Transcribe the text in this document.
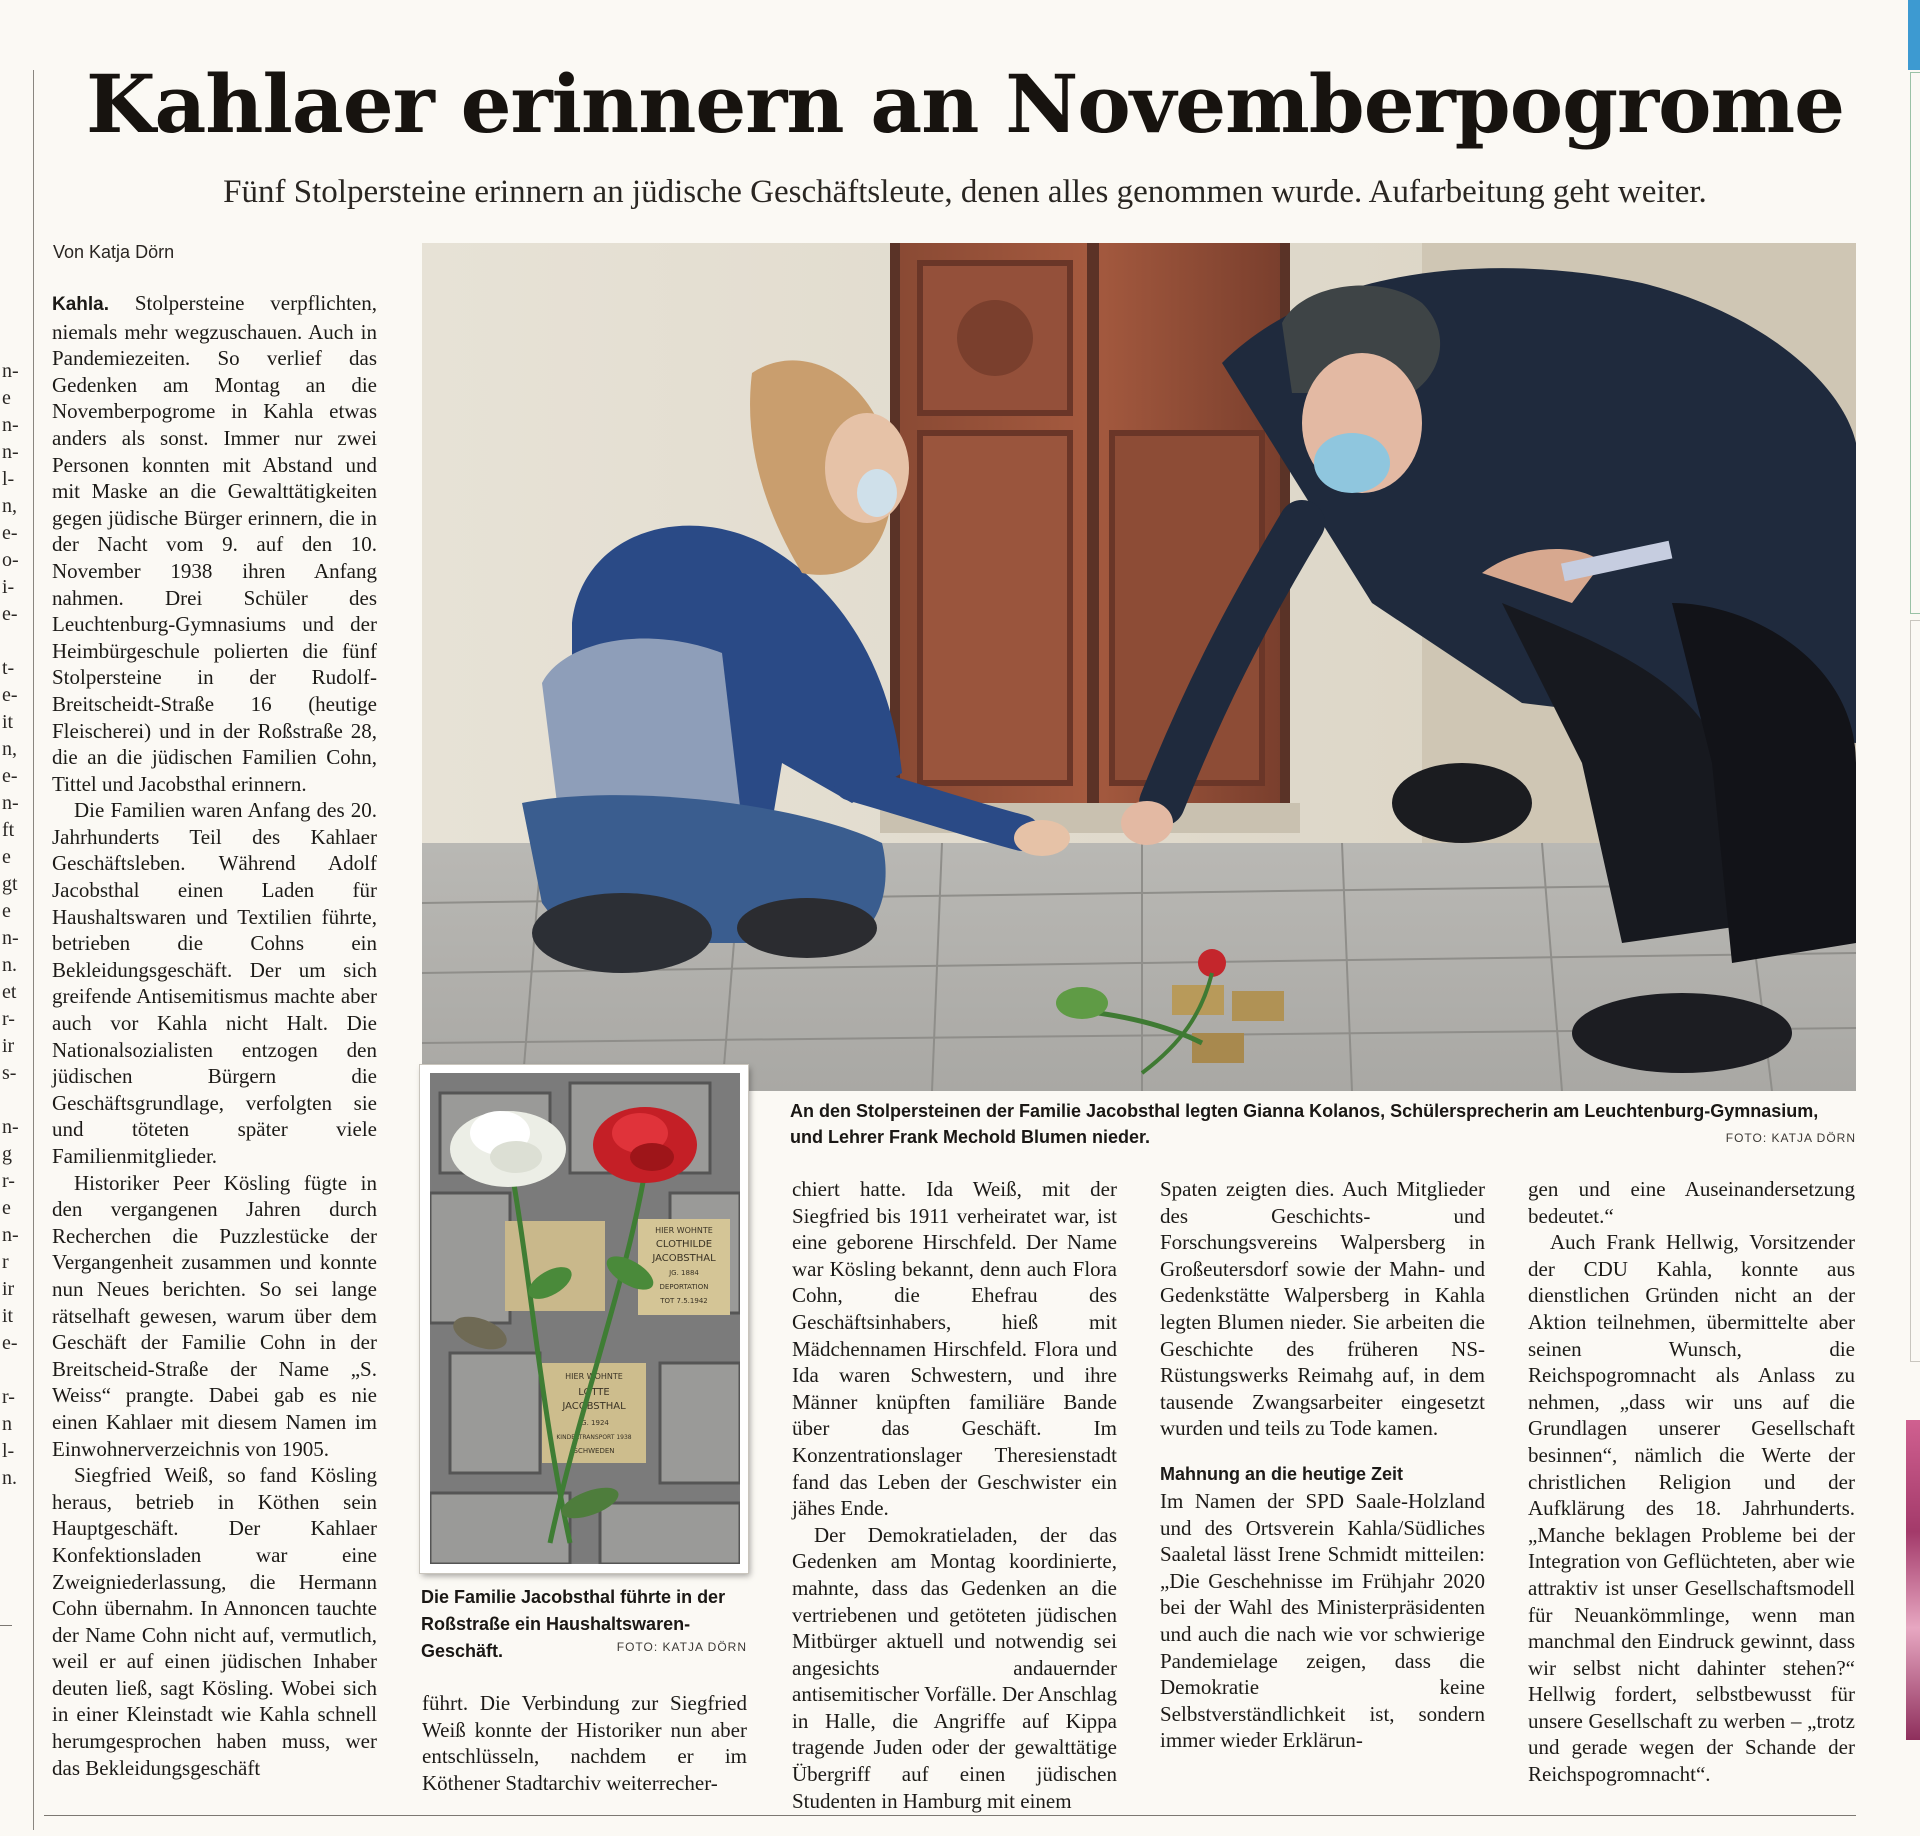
n-
e
n-
n-
l-
n,
e-
o-
i-
e-
t-
e-
it
n,
e-
n-
ft
e
gt
e
n-
n.
et
r-
ir
s-
n-
g
r-
e
n-
r
ir
it
e-
r-
n
l-
n.
Kahlaer erinnern an Novemberpogrome
Fünf Stolpersteine erinnern an jüdische Geschäftsleute, denen alles genommen wurde. Aufarbeitung geht weiter.
Von Katja Dörn

Kahla. Stolpersteine verpflichten, niemals mehr wegzuschauen. Auch in Pandemiezeiten. So verlief das Gedenken am Montag an die Novemberpogrome in Kahla etwas anders als sonst. Immer nur zwei Personen konnten mit Abstand und mit Maske an die Gewalttätigkeiten gegen jüdische Bürger erinnern, die in der Nacht vom 9. auf den 10. November 1938 ihren Anfang nahmen. Drei Schüler des Leuchtenburg-Gymnasiums und der Heimbürgeschule polierten die fünf Stolpersteine in der Rudolf-Breitscheidt-Straße 16 (heutige Fleischerei) und in der Roßstraße 28, die an die jüdischen Familien Cohn, Tittel und Jacobsthal erinnern.

Die Familien waren Anfang des 20. Jahrhunderts Teil des Kahlaer Geschäftsleben. Während Adolf Jacobsthal einen Laden für Haushaltswaren und Textilien führte, betrieben die Cohns ein Bekleidungsgeschäft. Der um sich greifende Antisemitismus machte aber auch vor Kahla nicht Halt. Die Nationalsozialisten entzogen den jüdischen Bürgern die Geschäftsgrundlage, verfolgten sie und töteten später viele Familienmitglieder.

Historiker Peer Kösling fügte in den vergangenen Jahren durch Recherchen die Puzzlestücke der Vergangenheit zusammen und konnte nun Neues berichten. So sei lange rätselhaft gewesen, warum über dem Geschäft der Familie Cohn in der Breitscheid-Straße der Name „S. Weiss“ prangte. Dabei gab es nie einen Kahlaer mit diesem Namen im Einwohnerverzeichnis von 1905.

Siegfried Weiß, so fand Kösling heraus, betrieb in Köthen sein Hauptgeschäft. Der Kahlaer Konfektionsladen war eine Zweigniederlassung, die Hermann Cohn übernahm. In Annoncen tauchte der Name Cohn nicht auf, vermutlich, weil er auf einen jüdischen Inhaber deuten ließ, sagt Kösling. Wobei sich in einer Kleinstadt wie Kahla schnell herumgesprochen haben muss, wer das Bekleidungsgeschäft

An den Stolpersteinen der Familie Jacobsthal legten Gianna Kolanos, Schülersprecherin am Leuchtenburg-Gymnasium, und Lehrer Frank Mechold Blumen nieder.	FOTO: KATJA DÖRN
HIER WOHNTE
CLOTHILDE
JACOBSTHAL
JG. 1884
DEPORTATION
TOT 7.5.1942
HIER WOHNTE
LOTTE
JACOBSTHAL
JG. 1924
KINDERTRANSPORT 1938
SCHWEDEN
Die Familie Jacobsthal führte in der Roßstraße ein Haushaltswaren-Geschäft.	FOTO: KATJA DÖRN

führt. Die Verbindung zur Siegfried Weiß konnte der Historiker nun aber entschlüsseln, nachdem er im Köthener Stadtarchiv weiterrecher-

chiert hatte. Ida Weiß, mit der Siegfried bis 1911 verheiratet war, ist eine geborene Hirschfeld. Der Name war Kösling bekannt, denn auch Flora Cohn, die Ehefrau des Geschäftsinhabers, hieß mit Mädchennamen Hirschfeld. Flora und Ida waren Schwestern, und ihre Männer knüpften familiäre Bande über das Geschäft. Im Konzentrationslager Theresienstadt fand das Leben der Geschwister ein jähes Ende.

Der Demokratieladen, der das Gedenken am Montag koordinierte, mahnte, dass das Gedenken an die vertriebenen und getöteten jüdischen Mitbürger aktuell und notwendig sei angesichts andauernder antisemitischer Vorfälle. Der Anschlag in Halle, die Angriffe auf Kippa tragende Juden oder der gewalttätige Übergriff auf einen jüdischen Studenten in Hamburg mit einem

Spaten zeigten dies. Auch Mitglieder des Geschichts- und Forschungsvereins Walpersberg in Großeutersdorf sowie der Mahn- und Gedenkstätte Walpersberg in Kahla legten Blumen nieder. Sie arbeiten die Geschichte des früheren NS-Rüstungswerks Reimahg auf, in dem tausende Zwangsarbeiter eingesetzt wurden und teils zu Tode kamen.

Mahnung an die heutige Zeit

Im Namen der SPD Saale-Holzland und des Ortsverein Kahla/Südliches Saaletal lässt Irene Schmidt mitteilen: „Die Geschehnisse im Frühjahr 2020 bei der Wahl des Ministerpräsidenten und auch die nach wie vor schwierige Pandemielage zeigen, dass die Demokratie keine Selbstverständlichkeit ist, sondern immer wieder Erklärun-

gen und eine Auseinandersetzung bedeutet.“

Auch Frank Hellwig, Vorsitzender der CDU Kahla, konnte aus dienstlichen Gründen nicht an der Aktion teilnehmen, übermittelte aber seinen Wunsch, die Reichspogromnacht als Anlass zu nehmen, „dass wir uns auf die Grundlagen unserer Gesellschaft besinnen“, nämlich die Werte der christlichen Religion und der Aufklärung des 18. Jahrhunderts. „Manche beklagen Probleme bei der Integration von Geflüchteten, aber wie attraktiv ist unser Gesellschaftsmodell für Neuankömmlinge, wenn man manchmal den Eindruck gewinnt, dass wir selbst nicht dahinter stehen?“ Hellwig fordert, selbstbewusst für unsere Gesellschaft zu werben – „trotz und gerade wegen der Schande der Reichspogromnacht“.
